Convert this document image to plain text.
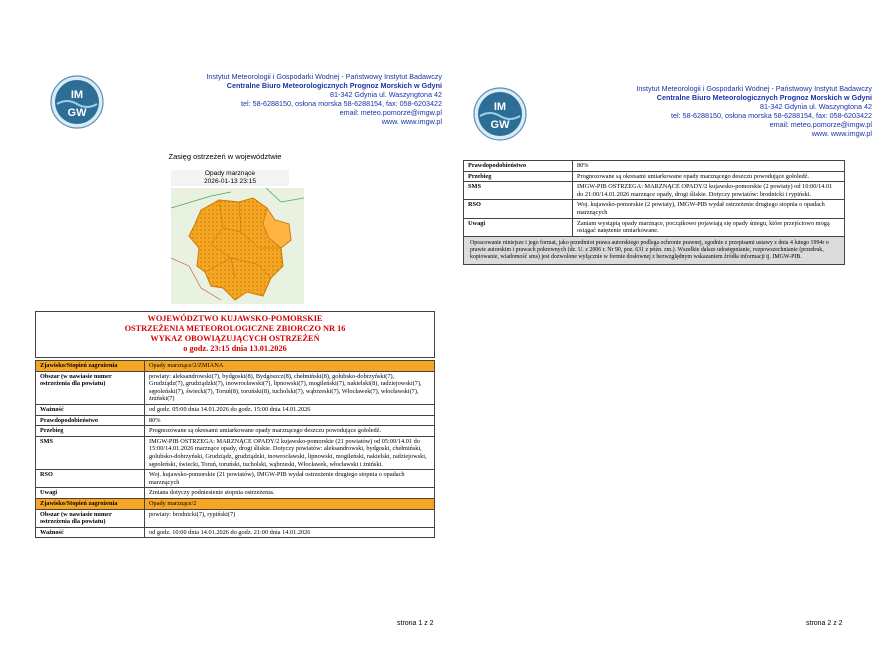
IM
GW
Instytut Meteorologii i Gospodarki Wodnej - Państwowy Instytut Badawczy
Centralne Biuro Meteorologicznych Prognoz Morskich w Gdyni
81-342 Gdynia ul. Waszyngtona 42
tel: 58-6288150, osłona morska 58-6288154, fax: 058-6203422
email: meteo.pomorze@imgw.pl
www. www.imgw.pl
Zasięg ostrzeżeń w województwie
Opady marznące
2026-01-13 23:15
WOJEWÓDZTWO KUJAWSKO-POMORSKIE
OSTRZEŻENIA METEOROLOGICZNE ZBIORCZO NR 16
WYKAZ OBOWIĄZUJĄCYCH OSTRZEŻEŃ
o godz. 23:15 dnia 13.01.2026
Zjawisko/Stopień zagrożenia	Opady marznące/2/ZMIANA
Obszar (w nawiasie numer ostrzeżenia dla powiatu)	powiaty: aleksandrowski(7), bydgoski(8), Bydgoszcz(8), chełmiński(8), golubsko-dobrzyński(7), Grudziądz(7), grudziądzki(7), inowrocławski(7), lipnowski(7), mogileński(7), nakielski(8), radziejowski(7), sępoleński(7), świecki(7), Toruń(8), toruński(8), tucholski(7), wąbrzeski(7), Włocławek(7), włocławski(7), żniński(7)
Ważność	od godz. 05:00 dnia 14.01.2026 do godz. 15:00 dnia 14.01.2026
Prawdopodobieństwo	80%
Przebieg	Prognozowane są okresami umiarkowane opady marznącego deszczu powodujące gołoledź.
SMS	IMGW-PIB OSTRZEGA: MARZNĄCE OPADY/2 kujawsko-pomorskie (21 powiatów) od 05:00/14.01 do 15:00/14.01.2026 marznące opady, drogi śliskie. Dotyczy powiatów: aleksandrowski, bydgoski, chełmiński, golubsko-dobrzyński, Grudziądz, grudziądzki, inowrocławski, lipnowski, mogileński, nakielski, radziejowski, sępoleński, świecki, Toruń, toruński, tucholski, wąbrzeski, Włocławek, włocławski i żniński.
RSO	Woj. kujawsko-pomorskie (21 powiatów), IMGW-PIB wydał ostrzeżenie drugiego stopnia o opadach marznących
Uwagi	Zmiana dotyczy podniesienie stopnia ostrzeżenia.
Zjawisko/Stopień zagrożenia	Opady marznące/2
Obszar (w nawiasie numer ostrzeżenia dla powiatu)	powiaty: brodnicki(7), rypiński(7)
Ważność	od godz. 10:00 dnia 14.01.2026 do godz. 21:00 dnia 14.01.2026
strona 1 z 2
IM
GW
Instytut Meteorologii i Gospodarki Wodnej - Państwowy Instytut Badawczy
Centralne Biuro Meteorologicznych Prognoz Morskich w Gdyni
81-342 Gdynia ul. Waszyngtona 42
tel: 58-6288150, osłona morska 58-6288154, fax: 058-6203422
email: meteo.pomorze@imgw.pl
www. www.imgw.pl
Prawdopodobieństwo	80%
Przebieg	Prognozowane są okresami umiarkowane opady marznącego deszczu powodujące gołoledź.
SMS	IMGW-PIB OSTRZEGA: MARZNĄCE OPADY/2 kujawsko-pomorskie (2 powiaty) od 10:00/14.01 do 21:00/14.01.2026 marznące opady, drogi śliskie. Dotyczy powiatów: brodnicki i rypiński.
RSO	Woj. kujawsko-pomorskie (2 powiaty), IMGW-PIB wydał ostrzeżenie drugiego stopnia o opadach marznących
Uwagi	Zaniam wystąpią opady marznące, początkowo pojawiają się opady śniegu, które przejściowo mogą osiągać natężenie umiarkowane.
Opracowanie niniejsze i jego format, jako przedmiot prawa autorskiego podlega ochronie prawnej, zgodnie z przepisami ustawy z dnia 4 lutego 1994r o prawie autorskim i prawach pokrewnych (dz. U. z 2006 r. Nr 90, poz. 631 z późn. zm.). Wszelkie dalsze udostępnianie, rozpowszechnianie (przedruk, kopiowanie, wiadomość sms) jest dozwolone wyłącznie w formie dosłownej z bezwzględnym wskazaniem źródła informacji tj. IMGW-PIB.	
strona 2 z 2
